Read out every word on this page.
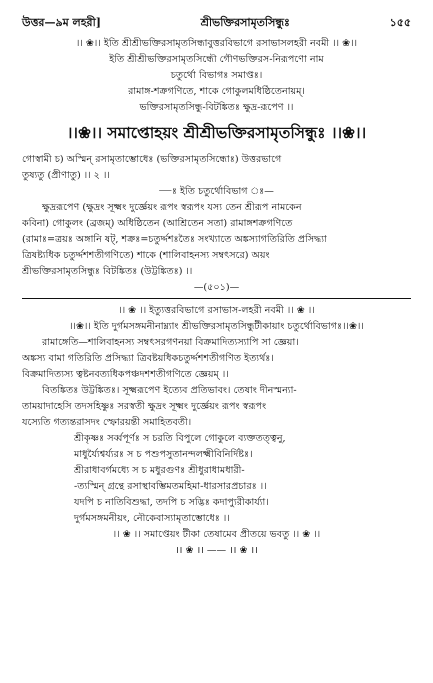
উত্তর—৯ম লহরী]	শ্রীভক্তিরসামৃতসিন্ধুঃ	১৫৫
।। ❀।। ইতি শ্রীশ্রীভক্তিরসামৃতসিন্ধাবুত্তরবিভাগে রসাভাসলহরী নবমী ।। ❀।।
ইতি শ্রীশ্রীভক্তিরসামৃতসিন্ধৌ গৌণভক্তিরস-নিরূপণো নাম
চতুর্থো বিভাগঃ সমাপ্তঃ।
রামাঙ্গ-শক্রগণিতে, শাকে গোকুলমধিষ্ঠিতেনায়ম্।
ভক্তিরসামৃতসিন্ধু-বিটঙ্কিতঃ ক্ষুদ্র-রূপেণ ।।
।।❀।। সমাপ্তোহয়ং শ্রীশ্রীভক্তিরসামৃতসিন্ধুঃ ।।❀।।
গোস্বামী চ) অস্মিন্ রসামৃতাম্ভোধেঃ (ভক্তিরসামৃতসিন্ধোঃ) উত্তরভাগে
তুষ্যতু (প্রীণাতু) ।। ২ ।।
—ঃ ইতি চতুর্থোবিভাগ ঃ—
ক্ষুদ্ররূপেণ (ক্ষুদ্রং সূক্ষ্মং দুর্জ্ঞেয়ং রূপং স্বরূপং যস্য তেন শ্রীরূপ নামকেন
কবিনা) গোকুলং (ব্রজম্) অধিষ্ঠিতেন (আশ্রিতেন সতা) রামাঙ্গশক্রগণিতে
(রামাঃ=ত্রয়ঃ অঙ্গানি ষট্, শক্রঃ=চতুর্দ্দশঃতৈঃ সংখ্যাতে অঙ্কস্যাগতিরিতি প্রসিদ্ধ্যা
ত্রিষষ্ট্যধিক চতুর্দ্দশশতীগণিতে) শাকে (শালিবাহনস্য সম্বৎসরে) অয়ং
শ্রীভক্তিরসামৃতসিন্ধুঃ বিটঙ্কিতঃ (উট্টঙ্কিতঃ) ।।
—(৫০১)—
।। ❀ ।। ইত্যুত্তরবিভাগে রসাভাস-লহরী নবমী ।। ❀ ।।
।।❀।। ইতি দুর্গমসঙ্গমনীনাম্ন্যাং শ্রীভক্তিরসামৃতসিন্ধুটীকায়াং চতুর্থোবিভাগঃ।।❀।।
রামাঙ্গেতি—শালিবাহনস্য সম্বৎসরগণনয়া বিক্রমাদিত্যস্যাপি সা জ্ঞেয়া।
অঙ্কস্য বামা গতিরিতি প্রসিদ্ধ্যা ত্রিবষ্টয়ধিকচতুর্দ্দশশতীগণিত ইত্যর্থঃ।
বিক্রমাদিত্যস্য ত্বষ্টনবত্যধিকপঞ্চদশশতীগণিতে জ্ঞেয়ম্ ।।
বিতঙ্কিতঃ উট্টঙ্কিতঃ। সূক্ষ্মরূপেণ ইত্যেব প্রতিভাবং। তেষাং দীনস্মন্যা-
তাময়াদাহেসি তদসহিষ্ণুঃ সরস্বতী ক্ষুদ্রং সূক্ষ্মং দুর্জ্ঞেয়ং রূপং স্বরূপং
যস্যেতি গত্যন্তরাসদং স্ফোরয়ন্তী সমাহিতবতী।
শ্রীকৃষ্ণঃ সর্ব্বপূর্ণঃ স চরতি বিপুলে গোকুলে ব্যক্ততত্ত্বনু,
মাধুর্য্যৈশ্বর্য্যরঃ স চ পশুপসুতানন্দলক্ষ্মীবিনির্দিষ্টঃ।
শ্রীরাধাবর্গমধ্যে স চ মধুরগুণঃ শ্রীধুরাধামধারী-
-ত্যস্মিন্ গ্রন্থে রসাস্থাবম্ভিমতমহিমা-ধারসারপ্রচারঃ ।।
যদপি চ নাতিবিশুদ্ধা, তদপি চ সদ্ভিঃ কদাপ্যুরীকার্য্যা।
দুর্গমসঙ্গমনীয়ং, নৌকেবাস্যামৃতাম্ভোধেঃ ।।
।। ❀ ।। সমাপ্তেয়ং টীকা তেষামেব প্রীতয়ে ভবতু ।। ❀ ।।
।। ❀ ।। —— ।। ❀ ।।
